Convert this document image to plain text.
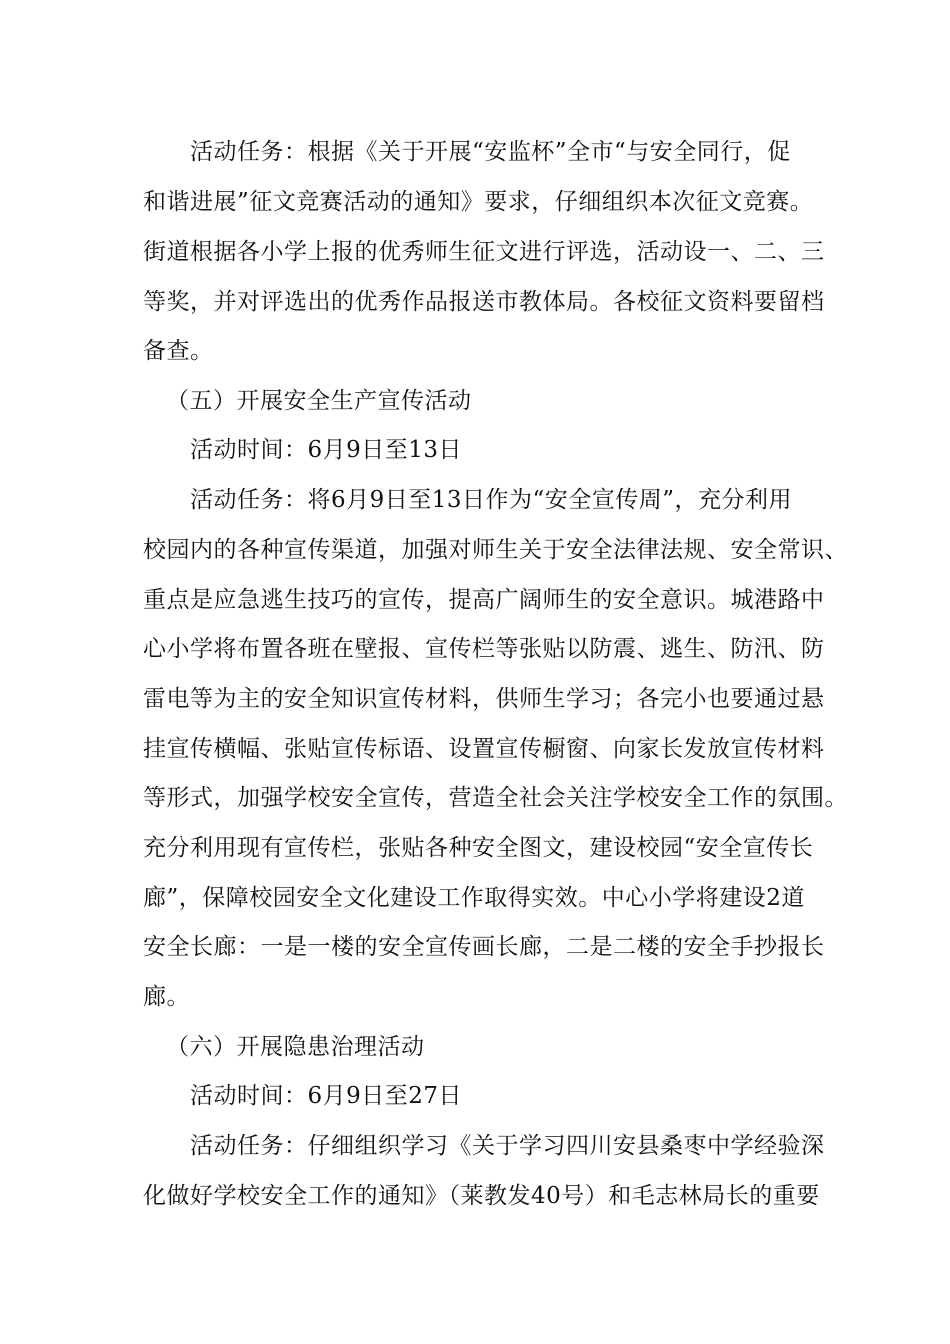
活动任务：根据《关于开展“安监杯”全市“与安全同行，促
和谐进展”征文竞赛活动的通知》要求，仔细组织本次征文竞赛。
街道根据各小学上报的优秀师生征文进行评选，活动设一、二、三
等奖，并对评选出的优秀作品报送市教体局。各校征文资料要留档
备查。
（五）开展安全生产宣传活动
活动时间：6月9日至13日
活动任务：将6月9日至13日作为“安全宣传周”，充分利用
校园内的各种宣传渠道，加强对师生关于安全法律法规、安全常识、
重点是应急逃生技巧的宣传，提高广阔师生的安全意识。城港路中
心小学将布置各班在壁报、宣传栏等张贴以防震、逃生、防汛、防
雷电等为主的安全知识宣传材料，供师生学习；各完小也要通过悬
挂宣传横幅、张贴宣传标语、设置宣传橱窗、向家长发放宣传材料
等形式，加强学校安全宣传，营造全社会关注学校安全工作的氛围。
充分利用现有宣传栏，张贴各种安全图文，建设校园“安全宣传长
廊”，保障校园安全文化建设工作取得实效。中心小学将建设2道
安全长廊：一是一楼的安全宣传画长廊，二是二楼的安全手抄报长
廊。
（六）开展隐患治理活动
活动时间：6月9日至27日
活动任务：仔细组织学习《关于学习四川安县桑枣中学经验深
化做好学校安全工作的通知》（莱教发40号）和毛志林局长的重要
